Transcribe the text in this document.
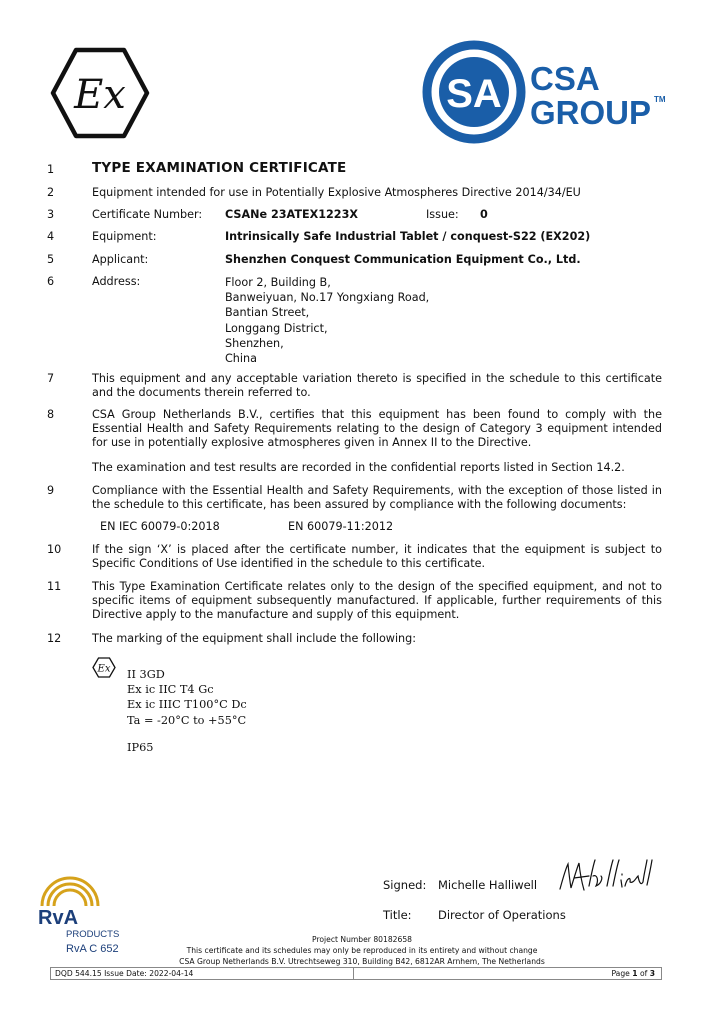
Ex	SA CSA
GROUP TM
1	TYPE EXAMINATION CERTIFICATE
2	Equipment intended for use in Potentially Explosive Atmospheres Directive 2014/34/EU
3	Certificate Number: CSANe 23ATEX1223X	Issue: 0
4	Equipment:	Intrinsically Safe Industrial Tablet / conquest-S22 (EX202)
5	Applicant:	Shenzhen Conquest Communication Equipment Co., Ltd.
6	Address:	Floor 2, Building B,
Banweiyuan, No.17 Yongxiang Road,
Bantian Street,
Longgang District,
Shenzhen,
China
7	This equipment and any acceptable variation thereto is specified in the schedule to this certificate and the documents therein referred to.
8	CSA Group Netherlands B.V., certifies that this equipment has been found to comply with the Essential Health and Safety Requirements relating to the design of Category 3 equipment intended for use in potentially explosive atmospheres given in Annex II to the Directive.
The examination and test results are recorded in the confidential reports listed in Section 14.2.
9	Compliance with the Essential Health and Safety Requirements, with the exception of those listed in the schedule to this certificate, has been assured by compliance with the following documents:
EN IEC 60079-0:2018	EN 60079-11:2012
10	If the sign ‘X’ is placed after the certificate number, it indicates that the equipment is subject to Specific Conditions of Use identified in the schedule to this certificate.
11	This Type Examination Certificate relates only to the design of the specified equipment, and not to specific items of equipment subsequently manufactured. If applicable, further requirements of this Directive apply to the manufacture and supply of this equipment.
12	The marking of the equipment shall include the following:
Ex II 3GD
Ex ic IIC T4 Gc
Ex ic IIIC T100°C Dc
Ta = -20°C to +55°C
IP65
Signed: Michelle Halliwell
Title: Director of Operations
RvA
PRODUCTS
RvA C 652
Project Number 80182658
This certificate and its schedules may only be reproduced in its entirety and without change
CSA Group Netherlands B.V. Utrechtseweg 310, Building B42, 6812AR Arnhem, The Netherlands
DQD 544.15 Issue Date: 2022-04-14	Page 1 of 3
